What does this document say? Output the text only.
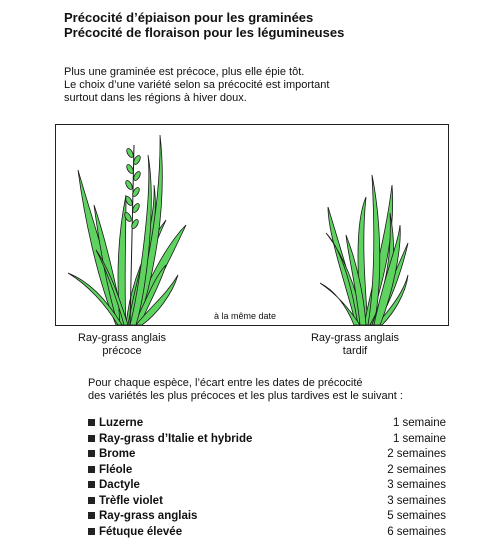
Précocité d’épiaison pour les graminées
Précocité de floraison pour les légumineuses
Plus une graminée est précoce, plus elle épie tôt.
Le choix d’une variété selon sa précocité est important
surtout dans les régions à hiver doux.
à la même date
Ray-grass anglais
précoce
Ray-grass anglais
tardif
Pour chaque espèce, l’écart entre les dates de précocité
des variétés les plus précoces et les plus tardives est le suivant :
Luzerne	1 semaine
Ray-grass d’Italie et hybride	1 semaine
Brome	2 semaines
Fléole	2 semaines
Dactyle	3 semaines
Trèfle violet	3 semaines
Ray-grass anglais	5 semaines
Fétuque élevée	6 semaines
